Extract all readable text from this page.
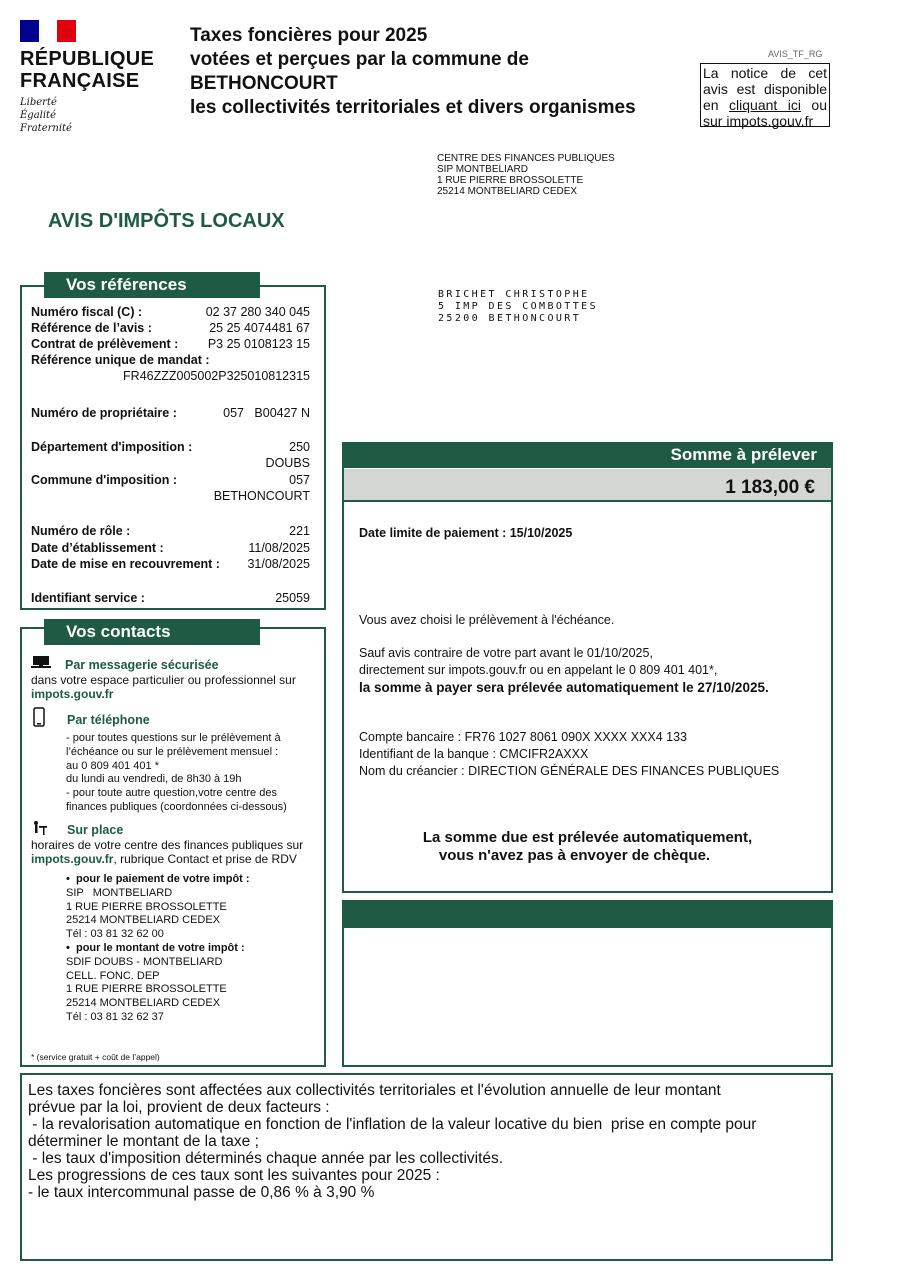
RÉPUBLIQUE
FRANÇAISE
Liberté
Égalité
Fraternité
Taxes foncières pour 2025
votées et perçues par la commune de
BETHONCOURT
les collectivités territoriales et divers organismes
AVIS_TF_RG
La notice de cet avis est disponible en cliquant ici ou sur impots.gouv.fr
CENTRE DES FINANCES PUBLIQUES
SIP MONTBELIARD
1 RUE PIERRE BROSSOLETTE
25214 MONTBELIARD CEDEX
AVIS D'IMPÔTS LOCAUX
BRICHET CHRISTOPHE
5 IMP DES COMBOTTES
25200 BETHONCOURT
Vos références
Numéro fiscal (C) :	02 37 280 340 045
Référence de l’avis :	25 25 4074481 67
Contrat de prélèvement : P3 25 0108123 15
Référence unique de mandat :
FR46ZZZ005002P325010812315
Numéro de propriétaire :	057   B00427 N
Département d'imposition :	250
DOUBS
Commune d'imposition :	057
BETHONCOURT
Numéro de rôle :	221
Date d’établissement :	11/08/2025
Date de mise en recouvrement : 31/08/2025
Identifiant service :	25059
Vos contacts
Par messagerie sécurisée
dans votre espace particulier ou professionnel sur
impots.gouv.fr
Par téléphone
- pour toutes questions sur le prélèvement à
l’échéance ou sur le prélèvement mensuel :
au 0 809 401 401 *
du lundi au vendredi, de 8h30 à 19h
- pour toute autre question,votre centre des
finances publiques (coordonnées ci-dessous)
Sur place
horaires de votre centre des finances publiques sur
impots.gouv.fr, rubrique Contact et prise de RDV
•  pour le paiement de votre impôt :
SIP   MONTBELIARD
1 RUE PIERRE BROSSOLETTE
25214 MONTBELIARD CEDEX
Tél : 03 81 32 62 00
•  pour le montant de votre impôt :
SDIF DOUBS - MONTBELIARD
CELL. FONC. DEP
1 RUE PIERRE BROSSOLETTE
25214 MONTBELIARD CEDEX
Tél : 03 81 32 62 37
* (service gratuit + coût de l’appel)
Somme à prélever
1 183,00 €
Date limite de paiement : 15/10/2025
Vous avez choisi le prélèvement à l'échéance.
Sauf avis contraire de votre part avant le 01/10/2025,
directement sur impots.gouv.fr ou en appelant le 0 809 401 401*,
la somme à payer sera prélevée automatiquement le 27/10/2025.
Compte bancaire : FR76 1027 8061 090X XXXX XXX4 133
Identifiant de la banque : CMCIFR2AXXX
Nom du créancier : DIRECTION GÉNÉRALE DES FINANCES PUBLIQUES
La somme due est prélevée automatiquement,
vous n'avez pas à envoyer de chèque.
Les taxes foncières sont affectées aux collectivités territoriales et l'évolution annuelle de leur montant
prévue par la loi, provient de deux facteurs :
- la revalorisation automatique en fonction de l'inflation de la valeur locative du bien  prise en compte pour
déterminer le montant de la taxe ;
- les taux d'imposition déterminés chaque année par les collectivités.
Les progressions de ces taux sont les suivantes pour 2025 :
- le taux intercommunal passe de 0,86 % à 3,90 %
